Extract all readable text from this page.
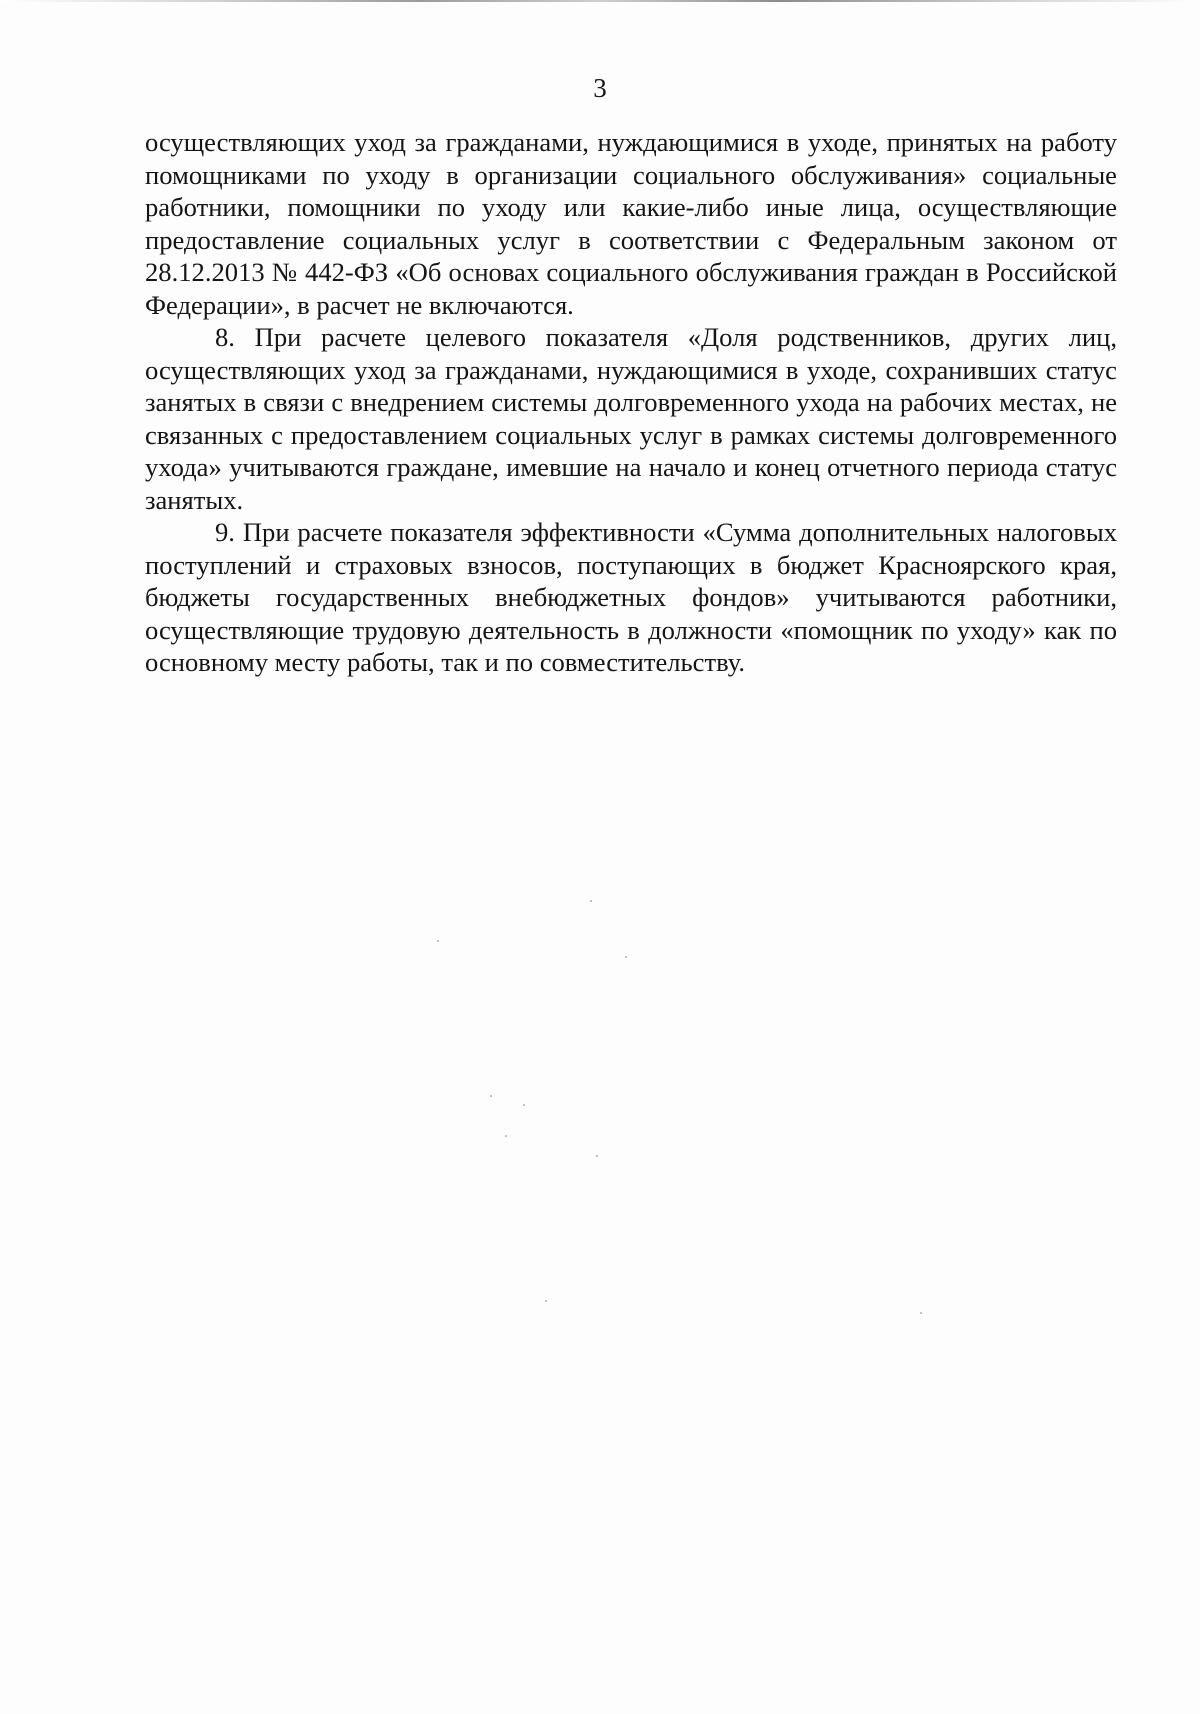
3

осуществляющих уход за гражданами, нуждающимися в уходе, принятых на работу помощниками по уходу в организации социального обслуживания» социальные работники, помощники по уходу или какие-либо иные лица, осуществляющие предоставление социальных услуг в соответствии с Федеральным законом от 28.12.2013 № 442-ФЗ «Об основах социального обслуживания граждан в Российской Федерации», в расчет не включаются.

8. При расчете целевого показателя «Доля родственников, других лиц, осуществляющих уход за гражданами, нуждающимися в уходе, сохранивших статус занятых в связи с внедрением системы долговременного ухода на рабочих местах, не связанных с предоставлением социальных услуг в рамках системы долговременного ухода» учитываются граждане, имевшие на начало и конец отчетного периода статус занятых.

9. При расчете показателя эффективности «Сумма дополнительных налоговых поступлений и страховых взносов, поступающих в бюджет Красноярского края, бюджеты государственных внебюджетных фондов» учитываются работники, осуществляющие трудовую деятельность в должности «помощник по уходу» как по основному месту работы, так и по совместительству.
